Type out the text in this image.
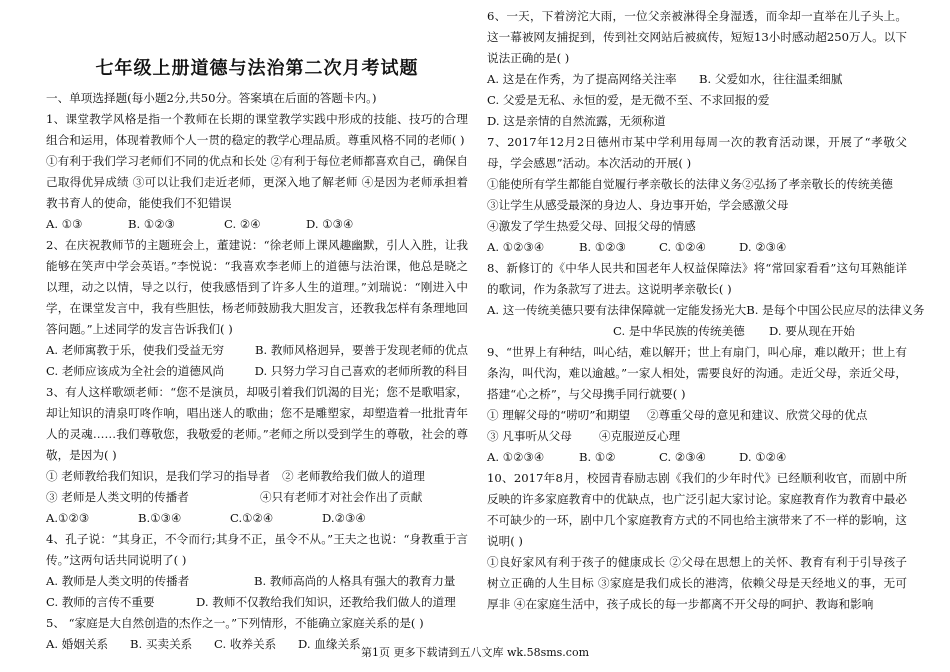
七年级上册道德与法治第二次月考试题

一、单项选择题(每小题2分,共50分。答案填在后面的答题卡内。)

1、课堂教学风格是指一个教师在长期的课堂教学实践中形成的技能、技巧的合理组合和运用，体现着教师个人一贯的稳定的教学心理品质。尊重风格不同的老师( )

①有利于我们学习老师们不同的优点和长处 ②有利于每位老师都喜欢自己，确保自己取得优异成绩 ③可以让我们走近老师，更深入地了解老师 ④是因为老师承担着教书育人的使命，能使我们不犯错误

A. ①③	B. ①②③	C. ②④	D. ①③④

2、在庆祝教师节的主题班会上，董建说：“徐老师上课风趣幽默，引人入胜，让我能够在笑声中学会英语。”李悦说：“我喜欢李老师上的道德与法治课，他总是晓之以理，动之以情，导之以行，使我感悟到了许多人生的道理。”刘瑞说：“刚进入中学，在课堂发言中，我有些胆怯，杨老师鼓励我大胆发言，还教我怎样有条理地回答问题。”上述同学的发言告诉我们( )

A. 老师寓教于乐，使我们受益无穷	B. 教师风格迥异，要善于发现老师的优点
C. 老师应该成为全社会的道德风尚	D. 只努力学习自己喜欢的老师所教的科目

3、有人这样歌颂老师：“您不是演员，却吸引着我们饥渴的目光；您不是歌唱家，却让知识的清泉叮咚作响，唱出迷人的歌曲；您不是雕塑家，却塑造着一批批青年人的灵魂……我们尊敬您，我敬爱的老师。”老师之所以受到学生的尊敬，社会的尊敬，是因为( )

① 老师教给我们知识，是我们学习的指导者	② 老师教给我们做人的道理
③ 老师是人类文明的传播者	④只有老师才对社会作出了贡献
A.①②③	B.①③④	C.①②④	D.②③④

4、孔子说：“其身正，不令而行;其身不正，虽令不从。”王夫之也说：“身教重于言传。”这两句话共同说明了( )

A. 教师是人类文明的传播者	B. 教师高尚的人格具有强大的教育力量
C. 教师的言传不重要	D. 教师不仅教给我们知识，还教给我们做人的道理

5、 “家庭是大自然创造的杰作之一。”下列情形，不能确立家庭关系的是( )

A. 婚姻关系	B. 买卖关系	C. 收养关系	D. 血缘关系

6、一天，下着滂沱大雨，一位父亲被淋得全身湿透，而伞却一直举在儿子头上。这一幕被网友捕捉到，传到社交网站后被疯传，短短13小时感动超250万人。以下说法正确的是( )

A. 这是在作秀，为了提高网络关注率	B. 父爱如水，往往温柔细腻

C. 父爱是无私、永恒的爱，是无微不至、不求回报的爱

D. 这是亲情的自然流露，无须称道

7、2017年12月2日德州市某中学利用每周一次的教育活动课，开展了“孝敬父母，学会感恩”活动。本次活动的开展( )

①能使所有学生都能自觉履行孝亲敬长的法律义务②弘扬了孝亲敬长的传统美德

③让学生从感受最深的身边人、身边事开始，学会感激父母

④激发了学生热爱父母、回报父母的情感

A. ①②③④	B. ①②③	C. ①②④	D. ②③④

8、新修订的《中华人民共和国老年人权益保障法》将“常回家看看”这句耳熟能详的歌词，作为条款写了进去。这说明孝亲敬长( )

A. 这一传统美德只要有法律保障就一定能发扬光大 B. 是每个中国公民应尽的法律义务
C. 是中华民族的传统美德	D. 要从现在开始

9、“世界上有种结，叫心结，难以解开；世上有扇门，叫心扉，难以敞开；世上有条沟，叫代沟，难以逾越。”一家人相处，需要良好的沟通。走近父母，亲近父母，搭建“心之桥”，与父母携手同行就要( )

① 理解父母的“唠叨”和期望	②尊重父母的意见和建议、欣赏父母的优点
③ 凡事听从父母	④克服逆反心理
A. ①②③④	B. ①②	C. ②③④	D. ①②④

10、2017年8月，校园青春励志剧《我们的少年时代》已经顺利收官，而剧中所反映的许多家庭教育中的优缺点，也广泛引起大家讨论。家庭教育作为教育中最必不可缺少的一环，剧中几个家庭教育方式的不同也给主演带来了不一样的影响，这说明( )

①良好家风有利于孩子的健康成长 ②父母在思想上的关怀、教育有利于引导孩子树立正确的人生目标 ③家庭是我们成长的港湾，依赖父母是天经地义的事，无可厚非 ④在家庭生活中，孩子成长的每一步都离不开父母的呵护、教诲和影响

第1页 更多下载请到五八文库 wk.58sms.com
